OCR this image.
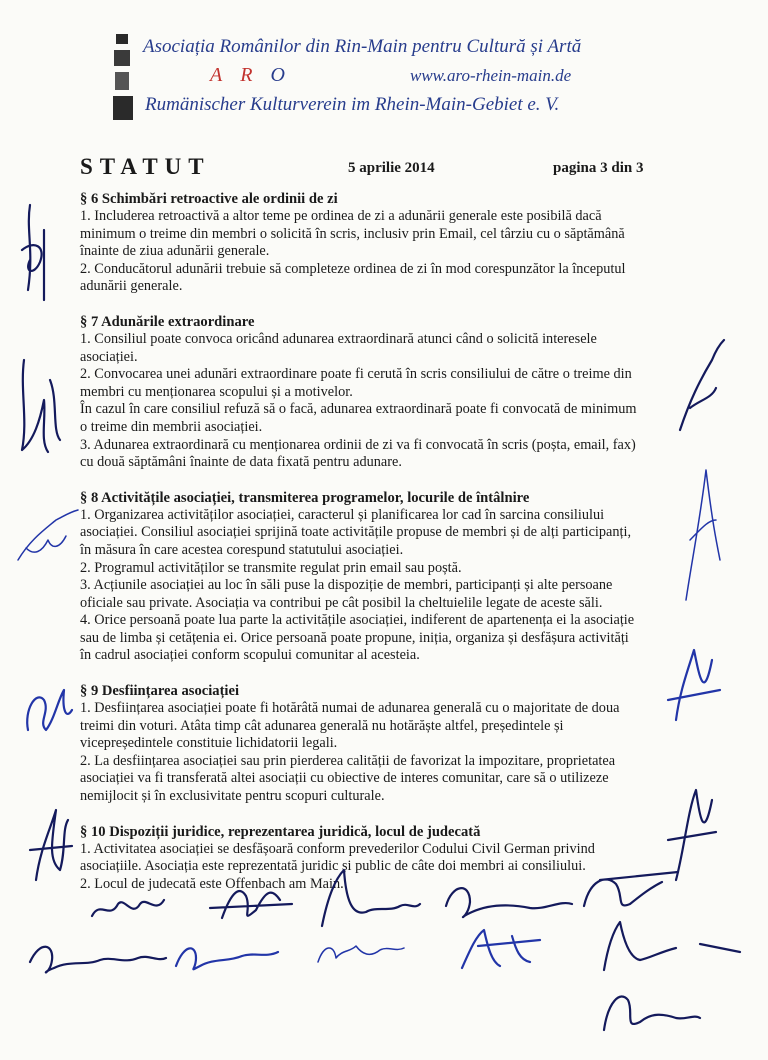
Asociația Românilor din Rin-Main pentru Cultură și Artă
ARO	www.aro-rhein-main.de
Rumänischer Kulturverein im Rhein-Main-Gebiet e. V.
STATUT	5 aprilie 2014	pagina 3 din 3
§ 6 Schimbări retroactive ale ordinii de zi

1. Includerea retroactivă a altor teme pe ordinea de zi a adunării generale este posibilă dacă

minimum o treime din membri o solicită în scris, inclusiv prin Email, cel târziu cu o săptămână

înainte de ziua adunării generale.

2. Conducătorul adunării trebuie să completeze ordinea de zi în mod corespunzător la începutul

adunării generale.

§ 7 Adunările extraordinare

1. Consiliul poate convoca oricând adunarea extraordinară atunci când o solicită interesele

asociației.

2. Convocarea unei adunări extraordinare poate fi cerută în scris consiliului de către o treime din

membri cu menționarea scopului și a motivelor.

În cazul în care consiliul refuză să o facă, adunarea extraordinară poate fi convocată de minimum

o treime din membrii asociației.

3. Adunarea extraordinară cu menționarea ordinii de zi va fi convocată în scris (poșta, email, fax)

cu două săptămâni înainte de data fixată pentru adunare.

§ 8 Activitățile asociației, transmiterea programelor, locurile de întâlnire

1. Organizarea activităților asociației, caracterul și planificarea lor cad în sarcina consiliului

asociației. Consiliul asociației sprijină toate activitățile propuse de membri și de alți participanți,

în măsura în care acestea corespund statutului asociației.

2. Programul activităților se transmite regulat prin email sau poștă.

3. Acțiunile asociației au loc în săli puse la dispoziție de membri, participanți și alte persoane

oficiale sau private. Asociația va contribui pe cât posibil la cheltuielile legate de aceste săli.

4. Orice persoană poate lua parte la activitățile asociației, indiferent de apartenența ei la asociație

sau de limba și cetățenia ei. Orice persoană poate propune, iniția, organiza și desfășura activități

în cadrul asociației conform scopului comunitar al acesteia.

§ 9 Desființarea asociației

1. Desființarea asociației poate fi hotărâtă numai de adunarea generală cu o majoritate de doua

treimi din voturi. Atâta timp cât adunarea generală nu hotărăște altfel, președintele și

vicepreședintele constituie lichidatorii legali.

2. La desființarea asociației sau prin pierderea calității de favorizat la impozitare, proprietatea

asociației va fi transferată altei asociații cu obiective de interes comunitar, care să o utilizeze

nemijlocit și în exclusivitate pentru scopuri culturale.

§ 10 Dispoziții juridice, reprezentarea juridică, locul de judecată

1. Activitatea asociației se desfășoară conform prevederilor Codului Civil German privind

asociațiile. Asociația este reprezentată juridic și public de câte doi membri ai consiliului.

2. Locul de judecată este Offenbach am Main.
